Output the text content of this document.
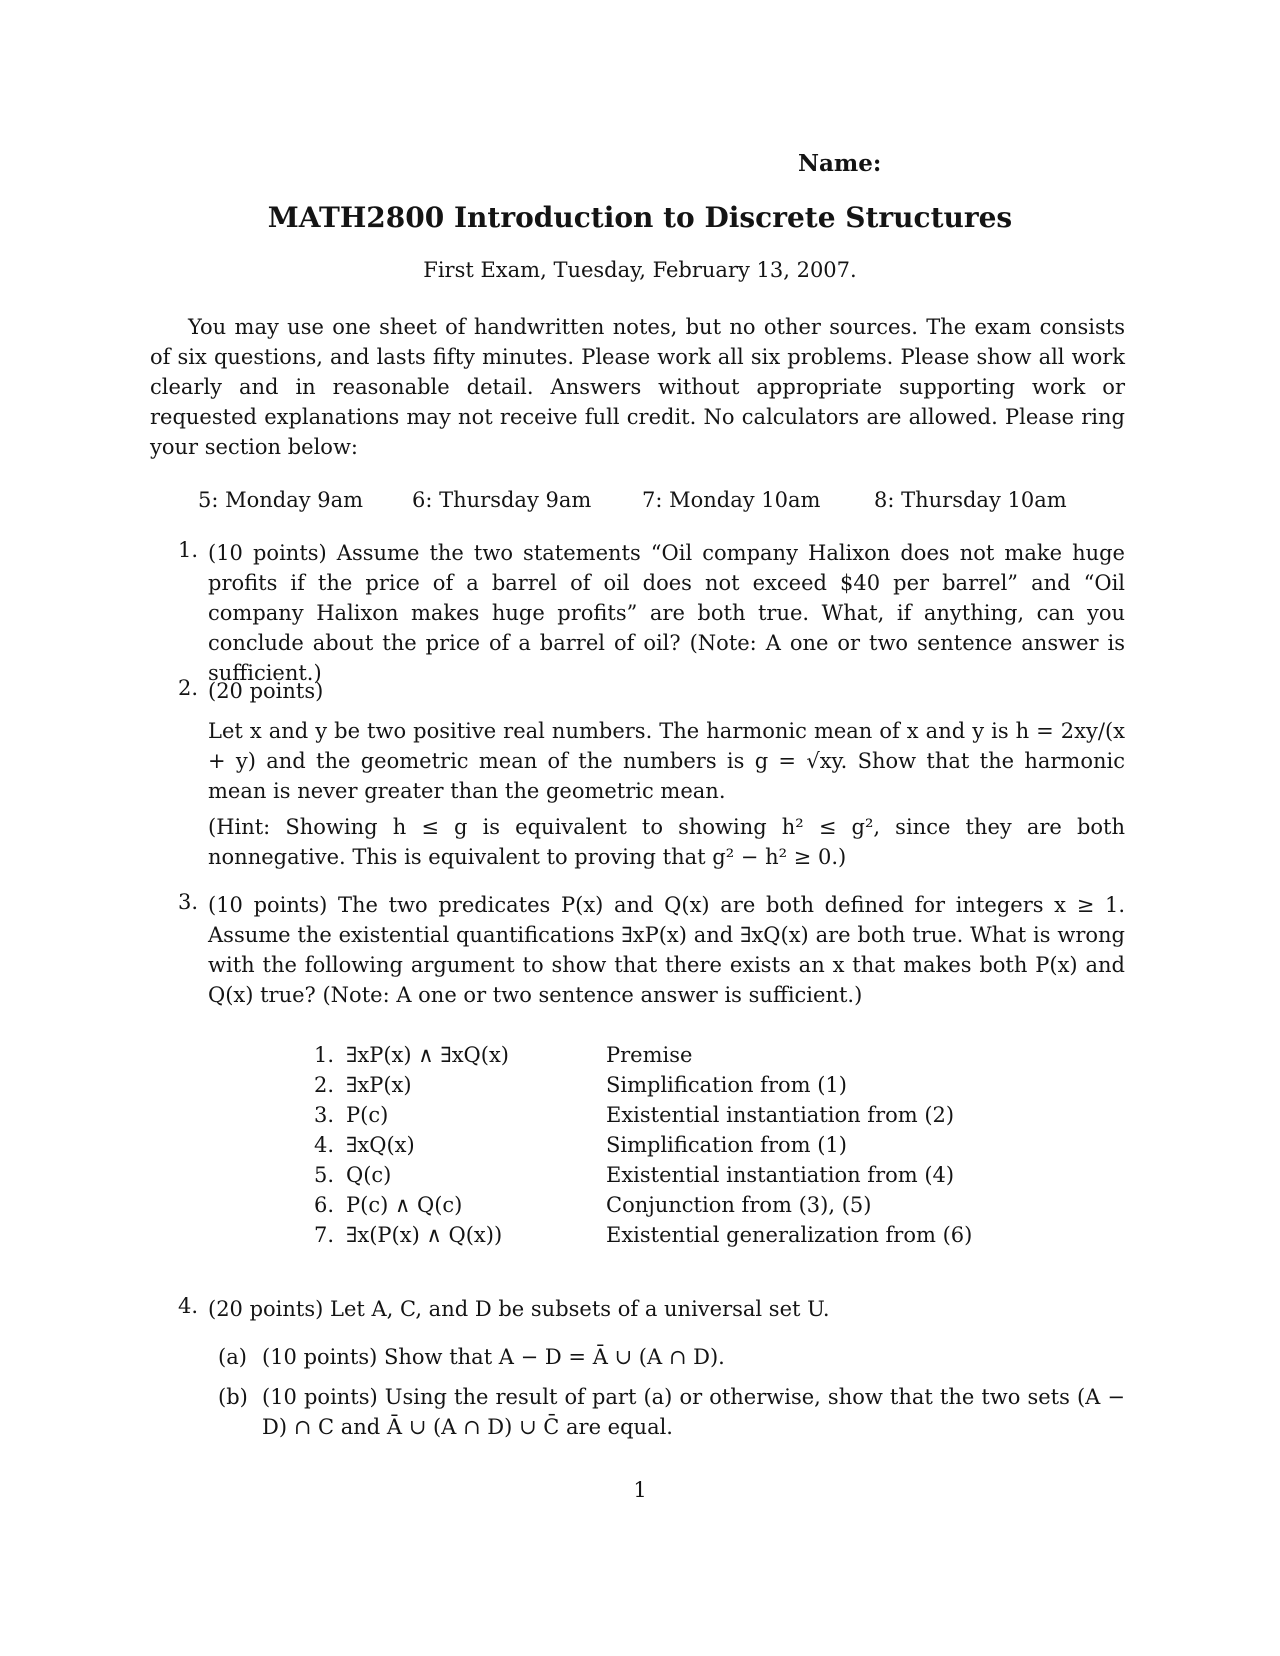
Name:
MATH2800 Introduction to Discrete Structures
First Exam, Tuesday, February 13, 2007.
You may use one sheet of handwritten notes, but no other sources. The exam consists of six questions, and lasts fifty minutes. Please work all six problems. Please show all work clearly and in reasonable detail. Answers without appropriate supporting work or requested explanations may not receive full credit. No calculators are allowed. Please ring your section below:
5: Monday 9am 6: Thursday 9am 7: Monday 10am	8: Thursday 10am
1. (10 points) Assume the two statements “Oil company Halixon does not make huge profits if the price of a barrel of oil does not exceed $40 per barrel” and “Oil company Halixon makes huge profits” are both true. What, if anything, can you conclude about the price of a barrel of oil? (Note: A one or two sentence answer is sufficient.)
2. (20 points)
Let x and y be two positive real numbers. The harmonic mean of x and y is h = 2xy/(x + y) and the geometric mean of the numbers is g = √xy. Show that the harmonic mean is never greater than the geometric mean.
(Hint: Showing h ≤ g is equivalent to showing h² ≤ g², since they are both nonnegative. This is equivalent to proving that g² − h² ≥ 0.)
3. (10 points) The two predicates P(x) and Q(x) are both defined for integers x ≥ 1. Assume the existential quantifications ∃xP(x) and ∃xQ(x) are both true. What is wrong with the following argument to show that there exists an x that makes both P(x) and Q(x) true? (Note: A one or two sentence answer is sufficient.)
1. ∃xP(x) ∧ ∃xQ(x)	Premise
2. ∃xP(x)	Simplification from (1)
3. P(c)	Existential instantiation from (2)
4. ∃xQ(x)	Simplification from (1)
5. Q(c)	Existential instantiation from (4)
6. P(c) ∧ Q(c)	Conjunction from (3), (5)
7. ∃x(P(x) ∧ Q(x))	Existential generalization from (6)
4. (20 points) Let A, C, and D be subsets of a universal set U.
(a) (10 points) Show that A − D = Ā ∪ (A ∩ D).
(b) (10 points) Using the result of part (a) or otherwise, show that the two sets (A − D) ∩ C and Ā ∪ (A ∩ D) ∪ C̄ are equal.
1
